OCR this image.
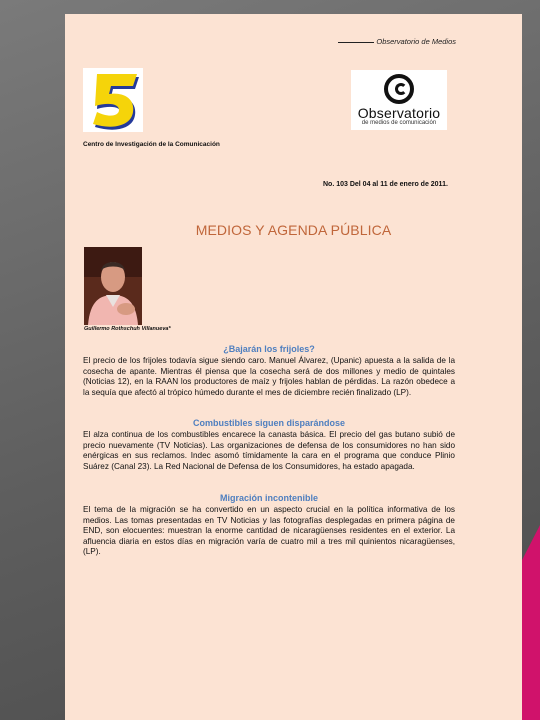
Observatorio de Medios
Observatorio
de medios de comunicación
Centro de Investigación de la Comunicación
No. 103 Del 04 al 11 de enero de 2011.
MEDIOS Y AGENDA PÚBLICA
Guillermo Rothschuh Villanueva*
¿Bajarán los frijoles?

El precio de los frijoles todavía sigue siendo caro. Manuel Álvarez, (Upanic) apuesta a la salida de la cosecha de apante. Mientras él piensa que la cosecha será de dos millones y medio de quintales (Noticias 12), en la RAAN los productores de maíz y frijoles hablan de pérdidas. La razón obedece a la sequía que afectó al trópico húmedo durante el mes de diciembre recién finalizado (LP).

Combustibles siguen disparándose

El alza continua de los combustibles encarece la canasta básica. El precio del gas butano subió de precio nuevamente (TV Noticias). Las organizaciones de defensa de los consumidores no han sido enérgicas en sus reclamos. Indec asomó tímidamente la cara en el programa que conduce Plinio Suárez (Canal 23). La Red Nacional de Defensa de los Consumidores, ha estado apagada.

Migración incontenible

El tema de la migración se ha convertido en un aspecto crucial en la política informativa de los medios. Las tomas presentadas en TV Noticias y las fotografías desplegadas en primera página de END, son elocuentes: muestran la enorme cantidad de nicaragüenses residentes en el exterior. La afluencia diaria en estos días en migración varía de cuatro mil a tres mil quinientos nicaragüenses, (LP).
